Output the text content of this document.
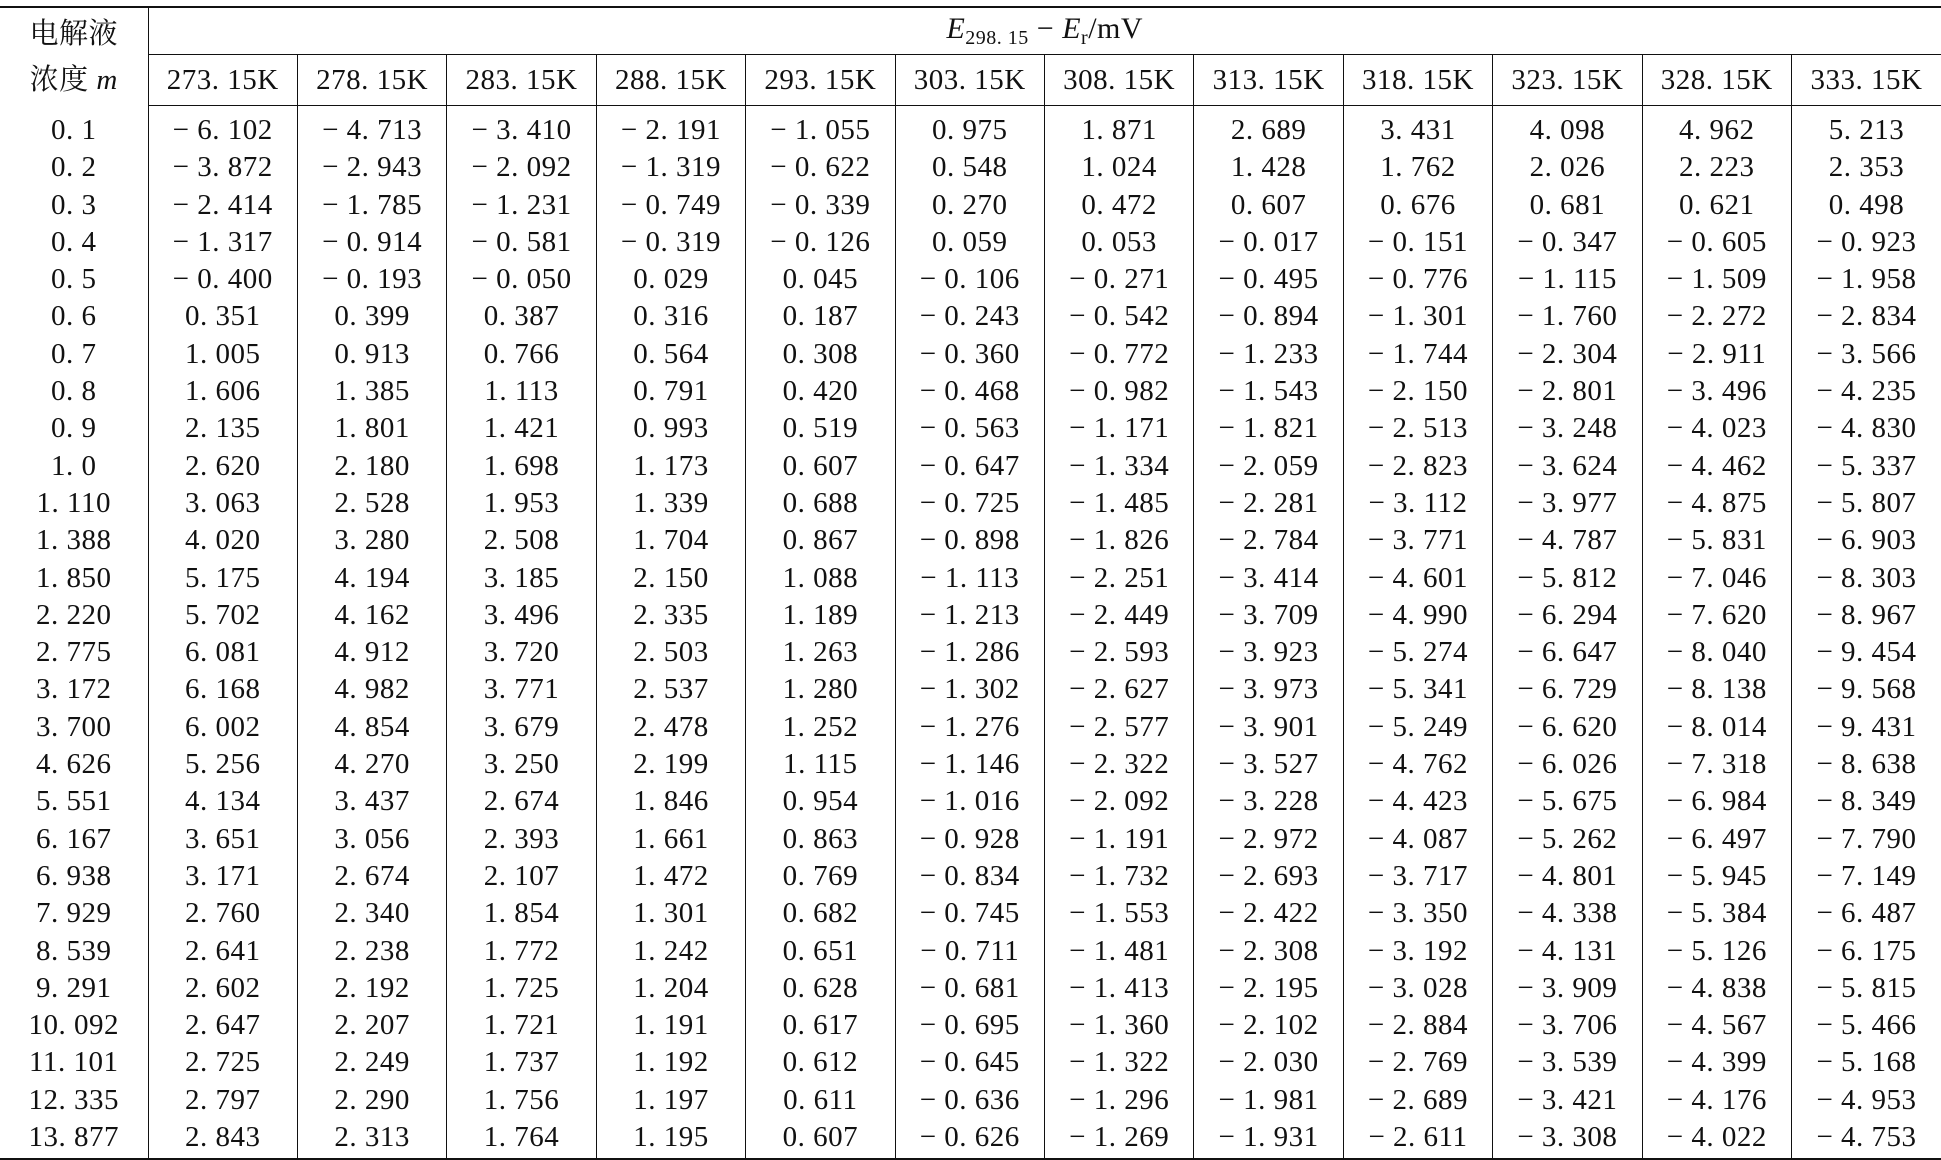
电解液
浓度 m	$E_{298. 15} - E_r/mV$											
	273. 15K	278. 15K	283. 15K	288. 15K	293. 15K	303. 15K	308. 15K	313. 15K	318. 15K	323. 15K	328. 15K	333. 15K
0. 1	− 6. 102	− 4. 713	− 3. 410	− 2. 191	− 1. 055	0. 975	1. 871	2. 689	3. 431	4. 098	4. 962	5. 213
0. 2	− 3. 872	− 2. 943	− 2. 092	− 1. 319	− 0. 622	0. 548	1. 024	1. 428	1. 762	2. 026	2. 223	2. 353
0. 3	− 2. 414	− 1. 785	− 1. 231	− 0. 749	− 0. 339	0. 270	0. 472	0. 607	0. 676	0. 681	0. 621	0. 498
0. 4	− 1. 317	− 0. 914	− 0. 581	− 0. 319	− 0. 126	0. 059	0. 053	− 0. 017	− 0. 151	− 0. 347	− 0. 605	− 0. 923
0. 5	− 0. 400	− 0. 193	− 0. 050	0. 029	0. 045	− 0. 106	− 0. 271	− 0. 495	− 0. 776	− 1. 115	− 1. 509	− 1. 958
0. 6	0. 351	0. 399	0. 387	0. 316	0. 187	− 0. 243	− 0. 542	− 0. 894	− 1. 301	− 1. 760	− 2. 272	− 2. 834
0. 7	1. 005	0. 913	0. 766	0. 564	0. 308	− 0. 360	− 0. 772	− 1. 233	− 1. 744	− 2. 304	− 2. 911	− 3. 566
0. 8	1. 606	1. 385	1. 113	0. 791	0. 420	− 0. 468	− 0. 982	− 1. 543	− 2. 150	− 2. 801	− 3. 496	− 4. 235
0. 9	2. 135	1. 801	1. 421	0. 993	0. 519	− 0. 563	− 1. 171	− 1. 821	− 2. 513	− 3. 248	− 4. 023	− 4. 830
1. 0	2. 620	2. 180	1. 698	1. 173	0. 607	− 0. 647	− 1. 334	− 2. 059	− 2. 823	− 3. 624	− 4. 462	− 5. 337
1. 110	3. 063	2. 528	1. 953	1. 339	0. 688	− 0. 725	− 1. 485	− 2. 281	− 3. 112	− 3. 977	− 4. 875	− 5. 807
1. 388	4. 020	3. 280	2. 508	1. 704	0. 867	− 0. 898	− 1. 826	− 2. 784	− 3. 771	− 4. 787	− 5. 831	− 6. 903
1. 850	5. 175	4. 194	3. 185	2. 150	1. 088	− 1. 113	− 2. 251	− 3. 414	− 4. 601	− 5. 812	− 7. 046	− 8. 303
2. 220	5. 702	4. 162	3. 496	2. 335	1. 189	− 1. 213	− 2. 449	− 3. 709	− 4. 990	− 6. 294	− 7. 620	− 8. 967
2. 775	6. 081	4. 912	3. 720	2. 503	1. 263	− 1. 286	− 2. 593	− 3. 923	− 5. 274	− 6. 647	− 8. 040	− 9. 454
3. 172	6. 168	4. 982	3. 771	2. 537	1. 280	− 1. 302	− 2. 627	− 3. 973	− 5. 341	− 6. 729	− 8. 138	− 9. 568
3. 700	6. 002	4. 854	3. 679	2. 478	1. 252	− 1. 276	− 2. 577	− 3. 901	− 5. 249	− 6. 620	− 8. 014	− 9. 431
4. 626	5. 256	4. 270	3. 250	2. 199	1. 115	− 1. 146	− 2. 322	− 3. 527	− 4. 762	− 6. 026	− 7. 318	− 8. 638
5. 551	4. 134	3. 437	2. 674	1. 846	0. 954	− 1. 016	− 2. 092	− 3. 228	− 4. 423	− 5. 675	− 6. 984	− 8. 349
6. 167	3. 651	3. 056	2. 393	1. 661	0. 863	− 0. 928	− 1. 191	− 2. 972	− 4. 087	− 5. 262	− 6. 497	− 7. 790
6. 938	3. 171	2. 674	2. 107	1. 472	0. 769	− 0. 834	− 1. 732	− 2. 693	− 3. 717	− 4. 801	− 5. 945	− 7. 149
7. 929	2. 760	2. 340	1. 854	1. 301	0. 682	− 0. 745	− 1. 553	− 2. 422	− 3. 350	− 4. 338	− 5. 384	− 6. 487
8. 539	2. 641	2. 238	1. 772	1. 242	0. 651	− 0. 711	− 1. 481	− 2. 308	− 3. 192	− 4. 131	− 5. 126	− 6. 175
9. 291	2. 602	2. 192	1. 725	1. 204	0. 628	− 0. 681	− 1. 413	− 2. 195	− 3. 028	− 3. 909	− 4. 838	− 5. 815
10. 092	2. 647	2. 207	1. 721	1. 191	0. 617	− 0. 695	− 1. 360	− 2. 102	− 2. 884	− 3. 706	− 4. 567	− 5. 466
11. 101	2. 725	2. 249	1. 737	1. 192	0. 612	− 0. 645	− 1. 322	− 2. 030	− 2. 769	− 3. 539	− 4. 399	− 5. 168
12. 335	2. 797	2. 290	1. 756	1. 197	0. 611	− 0. 636	− 1. 296	− 1. 981	− 2. 689	− 3. 421	− 4. 176	− 4. 953
13. 877	2. 843	2. 313	1. 764	1. 195	0. 607	− 0. 626	− 1. 269	− 1. 931	− 2. 611	− 3. 308	− 4. 022	− 4. 753
